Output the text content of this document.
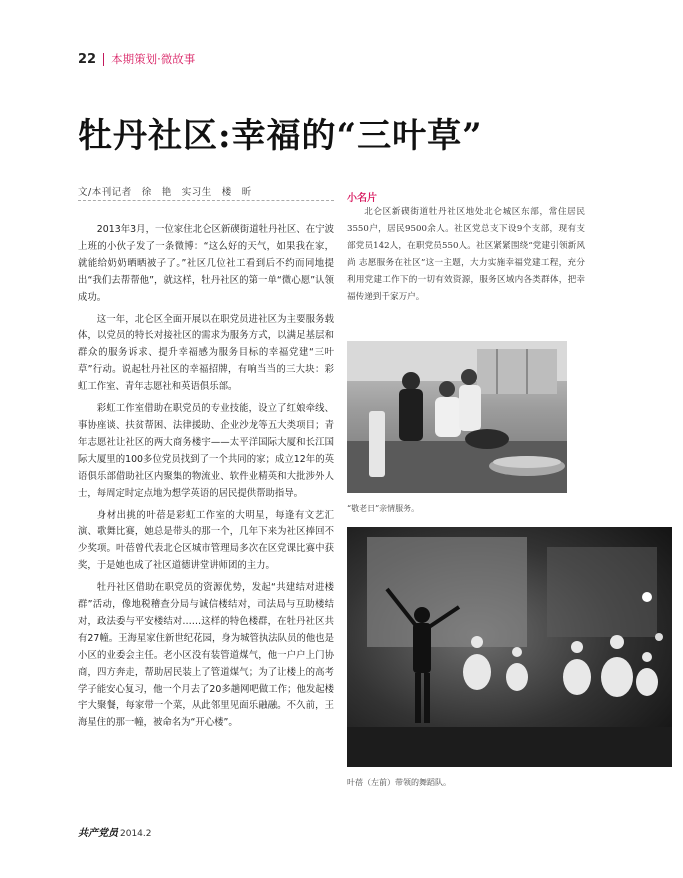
22 本期策划·微故事
牡丹社区:幸福的“三叶草”
文/本刊记者　徐　艳　实习生　楼　昕

2013年3月，一位家住北仑区新碶街道牡丹社区、在宁波上班的小伙子发了一条微博：“这么好的天气，如果我在家，就能给奶奶晒晒被子了。”社区几位社工看到后不约而同地提出“我们去帮帮他”，就这样，牡丹社区的第一单“微心愿”认领成功。

这一年，北仑区全面开展以在职党员进社区为主要服务载体，以党员的特长对接社区的需求为服务方式，以满足基层和群众的服务诉求、提升幸福感为服务目标的幸福党建“三叶草”行动。说起牡丹社区的幸福招牌，有响当当的三大块：彩虹工作室、青年志愿社和英语俱乐部。

彩虹工作室借助在职党员的专业技能，设立了红娘牵线、事协座谈、扶贫帮困、法律援助、企业沙龙等五大类项目；青年志愿社让社区的两大商务楼宇——太平洋国际大厦和长江国际大厦里的100多位党员找到了一个共同的家；成立12年的英语俱乐部借助社区内聚集的物流业、软件业精英和大批涉外人士，每周定时定点地为想学英语的居民提供帮助指导。

身材出挑的叶蓓是彩虹工作室的大明星，每逢有文艺汇演、歌舞比赛，她总是带头的那一个，几年下来为社区捧回不少奖项。叶蓓曾代表北仑区城市管理局多次在区党课比赛中获奖，于是她也成了社区道德讲堂讲师团的主力。

牡丹社区借助在职党员的资源优势，发起“共建结对进楼群”活动，像地税稽查分局与诚信楼结对，司法局与互助楼结对，政法委与平安楼结对……这样的特色楼群，在牡丹社区共有27幢。王海星家住新世纪花园，身为城管执法队员的他也是小区的业委会主任。老小区没有装管道煤气，他一户户上门协商，四方奔走，帮助居民装上了管道煤气；为了让楼上的高考学子能安心复习，他一个月去了20多趟网吧做工作；他发起楼宇大聚餐，每家带一个菜，从此邻里见面乐融融。不久前，王海星住的那一幢，被命名为“开心楼”。

小名片
北仑区新碶街道牡丹社区地处北仑城区东部，常住居民3550户，居民9500余人。社区党总支下设9个支部，现有支部党员142人，在职党员550人。社区紧紧围绕“党建引领新风尚 志愿服务在社区”这一主题，大力实施幸福党建工程，充分利用党建工作下的一切有效资源，服务区域内各类群体，把幸福传递到千家万户。
“敬老日”亲情服务。
叶蓓（左前）带领的舞蹈队。
共产党员 2014.2
